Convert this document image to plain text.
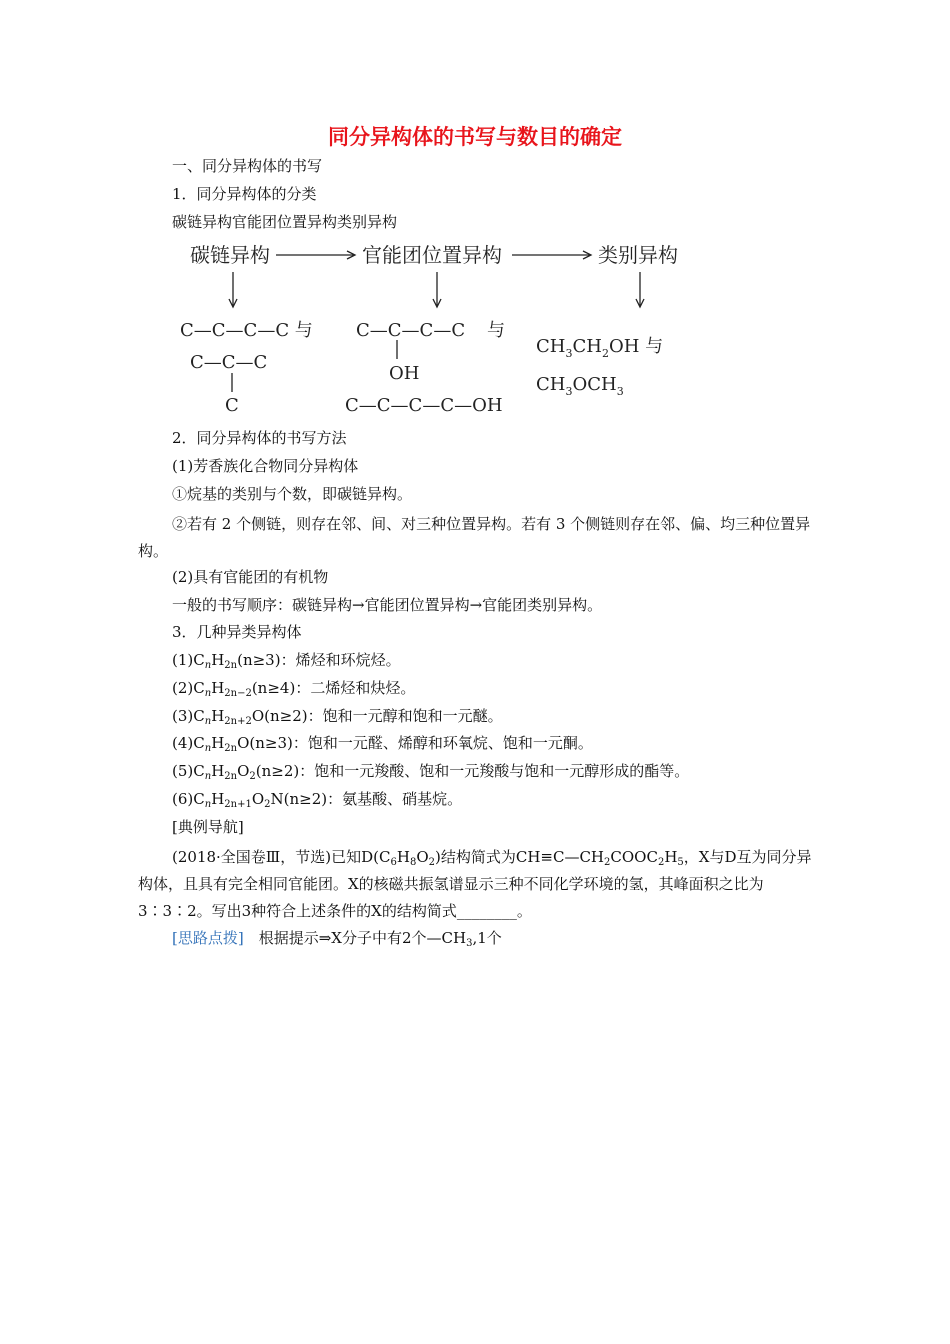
同分异构体的书写与数目的确定
一、同分异构体的书写
1．同分异构体的分类
碳链异构官能团位置异构类别异构
碳链异构	官能团位置异构	类别异构
C—C—C—C 与
C—C—C
C
C—C—C—C 与
OH
C—C—C—C—OH
$CH_3CH_2OH$ 与
$CH_3OCH_3$
2．同分异构体的书写方法
(1)芳香族化合物同分异构体
①烷基的类别与个数，即碳链异构。
②若有 2 个侧链，则存在邻、间、对三种位置异构。若有 3 个侧链则存在邻、偏、均三种位置异构。
(2)具有官能团的有机物
一般的书写顺序：碳链异构→官能团位置异构→官能团类别异构。
3．几种异类异构体
$(1)C_nH_{2n}(n\ge 3)$：烯烃和环烷烃。
$(2)C_nH_{2n-2}(n\ge 4)$：二烯烃和炔烃。
$(3)C_nH_{2n+2}O(n\ge 2)$：饱和一元醇和饱和一元醚。
$(4)C_nH_{2n}O(n\ge 3)$：饱和一元醛、烯醇和环氧烷、饱和一元酮。
$(5)C_nH_{2n}O_2(n\ge 2)$：饱和一元羧酸、饱和一元羧酸与饱和一元醇形成的酯等。
$(6)C_nH_{2n+1}O_2N(n\ge 2)$：氨基酸、硝基烷。
[典例导航]
(2018·全国卷Ⅲ，节选)已知$D(C_6H_8O_2)$结构简式为$CH\equiv C—CH_2COOC_2H_5$，X与D互为同分异构体，且具有完全相同官能团。X的核磁共振氢谱显示三种不同化学环境的氢，其峰面积之比为3∶3∶2。写出3种符合上述条件的X的结构简式________。
[思路点拨]　 根据提示⇒X分子中有2个$—CH_3,1$个
